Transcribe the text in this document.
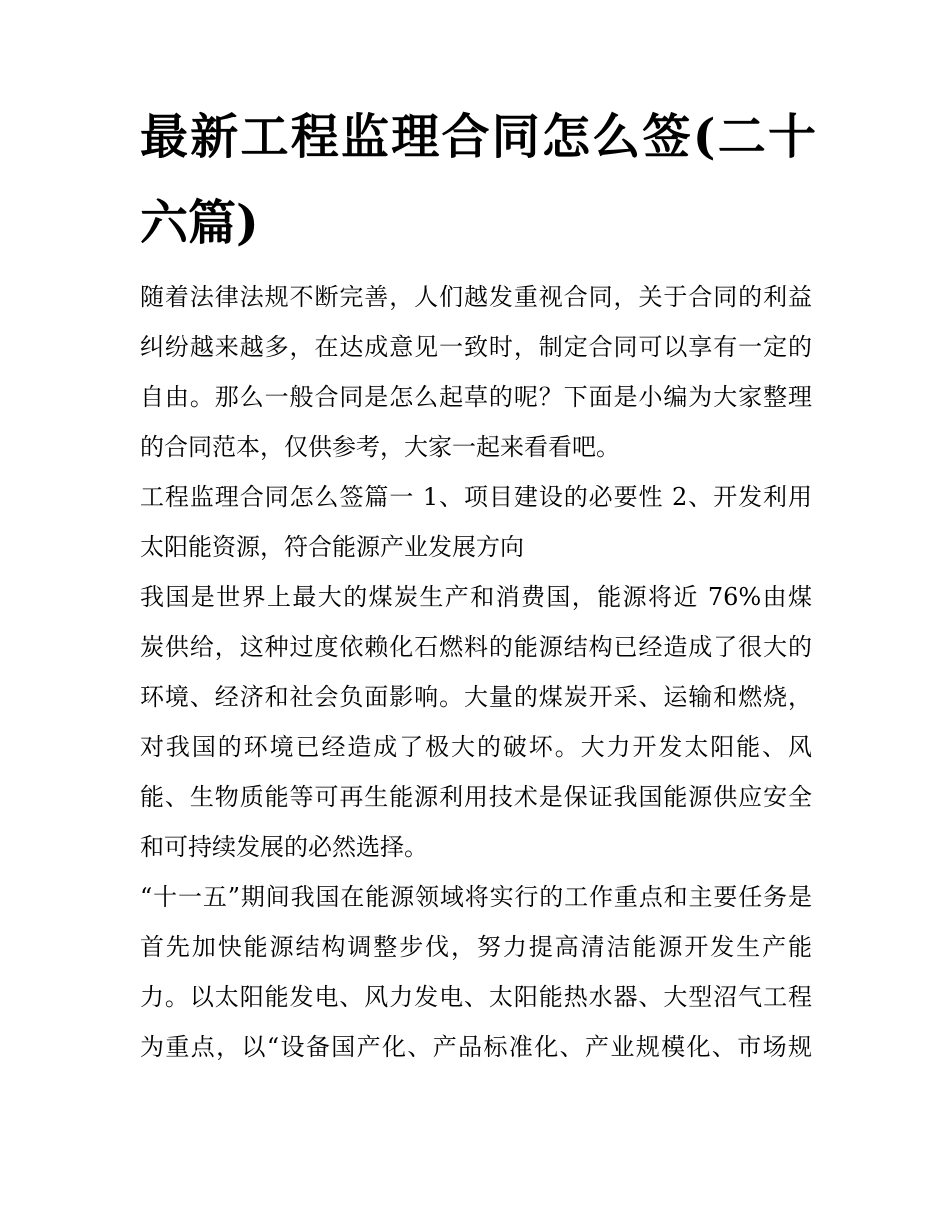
最新工程监理合同怎么签(二十
六篇)

随着法律法规不断完善，人们越发重视合同，关于合同的利益
纠纷越来越多，在达成意见一致时，制定合同可以享有一定的
自由。那么一般合同是怎么起草的呢？下面是小编为大家整理
的合同范本，仅供参考，大家一起来看看吧。

工程监理合同怎么签篇一 1、项目建设的必要性 2、开发利用
太阳能资源，符合能源产业发展方向

我国是世界上最大的煤炭生产和消费国，能源将近 76%由煤
炭供给，这种过度依赖化石燃料的能源结构已经造成了很大的
环境、经济和社会负面影响。大量的煤炭开采、运输和燃烧，
对我国的环境已经造成了极大的破坏。大力开发太阳能、风
能、生物质能等可再生能源利用技术是保证我国能源供应安全
和可持续发展的必然选择。

“十一五”期间我国在能源领域将实行的工作重点和主要任务是
首先加快能源结构调整步伐，努力提高清洁能源开发生产能
力。以太阳能发电、风力发电、太阳能热水器、大型沼气工程
为重点，以“设备国产化、产品标准化、产业规模化、市场规
